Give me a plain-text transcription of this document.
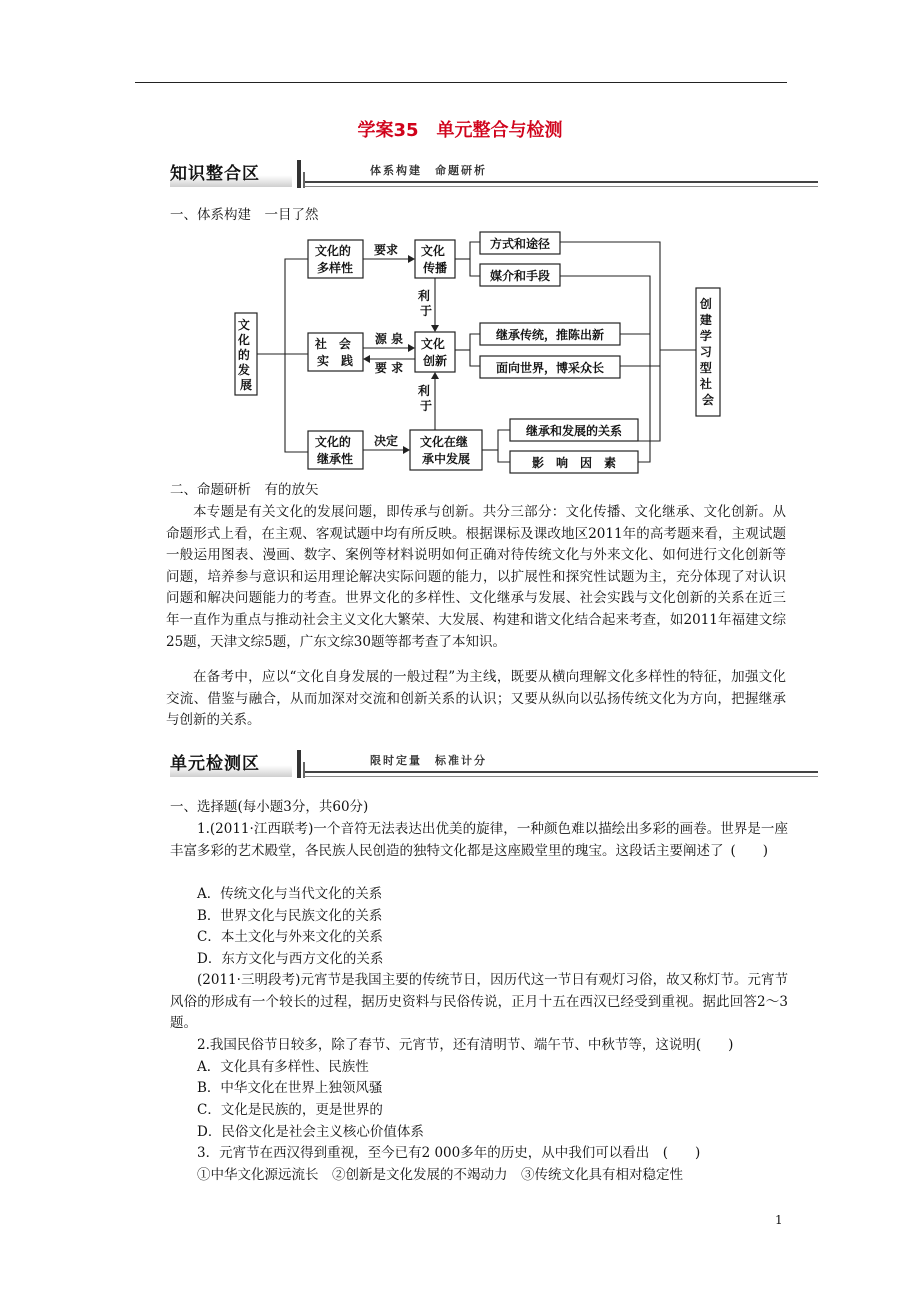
学案35　单元整合与检测
知识整合区	体系构建　命题研析
一、体系构建　一目了然
文 化 的 发 展
文化的 多样性
社　会 实　践
文化的 继承性
文化 传播
文化 创新
文化在继 承中发展
要求
源 泉
要 求
决定
利 于
利 于
方式和途径
媒介和手段
继承传统，推陈出新
面向世界，博采众长
继承和发展的关系
影　响　因　素
创 建 学 习 型 社 会
二、命题研析　有的放矢
本专题是有关文化的发展问题，即传承与创新。共分三部分：文化传播、文化继承、文化创新。从命题形式上看，在主观、客观试题中均有所反映。根据课标及课改地区2011年的高考题来看，主观试题一般运用图表、漫画、数字、案例等材料说明如何正确对待传统文化与外来文化、如何进行文化创新等问题，培养参与意识和运用理论解决实际问题的能力，以扩展性和探究性试题为主，充分体现了对认识问题和解决问题能力的考查。世界文化的多样性、文化继承与发展、社会实践与文化创新的关系在近三年一直作为重点与推动社会主义文化大繁荣、大发展、构建和谐文化结合起来考查，如2011年福建文综25题，天津文综5题，广东文综30题等都考查了本知识。
在备考中，应以“文化自身发展的一般过程”为主线，既要从横向理解文化多样性的特征，加强文化交流、借鉴与融合，从而加深对交流和创新关系的认识；又要从纵向以弘扬传统文化为方向，把握继承与创新的关系。
单元检测区	限时定量　标准计分
一、选择题(每小题3分，共60分)
1.(2011·江西联考)一个音符无法表达出优美的旋律，一种颜色难以描绘出多彩的画卷。世界是一座丰富多彩的艺术殿堂，各民族人民创造的独特文化都是这座殿堂里的瑰宝。这段话主要阐述了 (　　)
A．传统文化与当代文化的关系
B．世界文化与民族文化的关系
C．本土文化与外来文化的关系
D．东方文化与西方文化的关系
(2011·三明段考)元宵节是我国主要的传统节日，因历代这一节日有观灯习俗，故又称灯节。元宵节风俗的形成有一个较长的过程，据历史资料与民俗传说，正月十五在西汉已经受到重视。据此回答2～3题。
2.我国民俗节日较多，除了春节、元宵节，还有清明节、端午节、中秋节等，这说明(　　)
A．文化具有多样性、民族性
B．中华文化在世界上独领风骚
C．文化是民族的，更是世界的
D．民俗文化是社会主义核心价值体系
3．元宵节在西汉得到重视，至今已有2 000多年的历史，从中我们可以看出　(　　)
①中华文化源远流长　②创新是文化发展的不竭动力　③传统文化具有相对稳定性
1
